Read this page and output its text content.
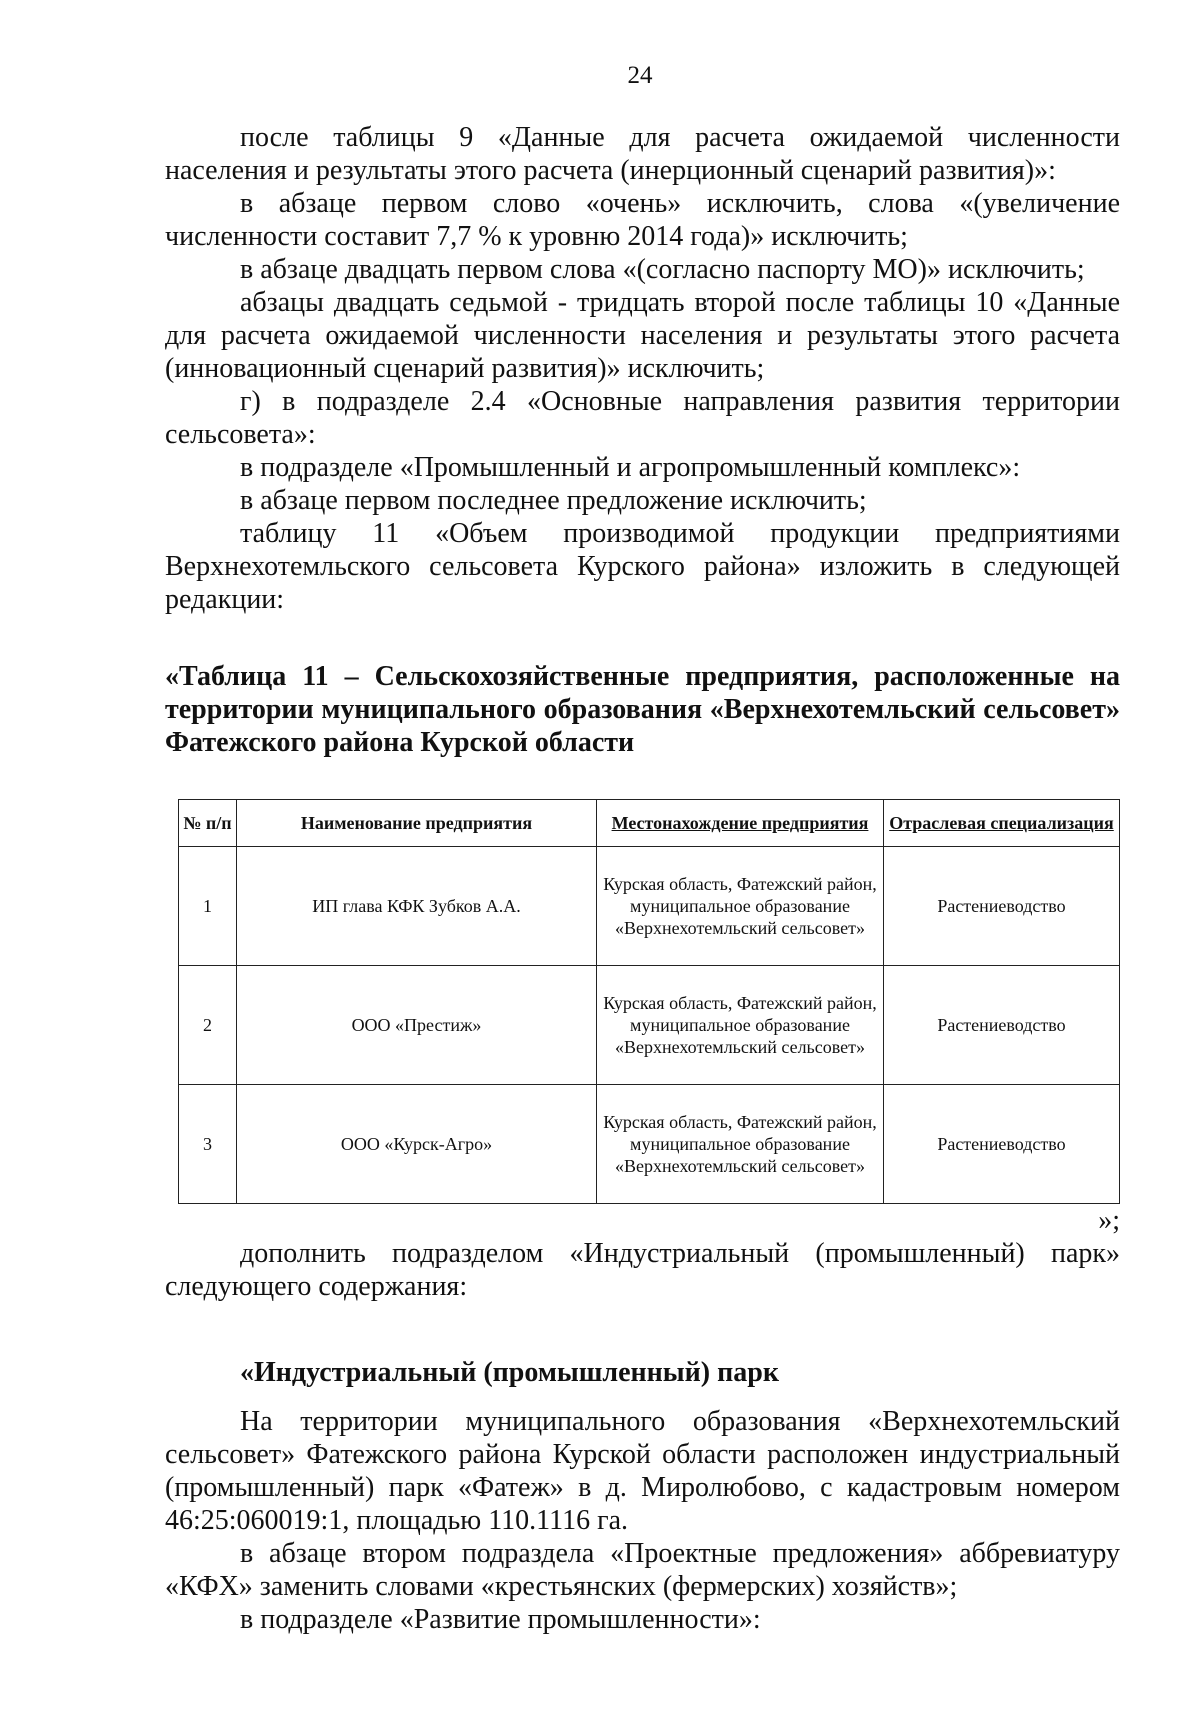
24

после таблицы 9 «Данные для расчета ожидаемой численности населения и результаты этого расчета (инерционный сценарий развития)»:

в абзаце первом слово «очень» исключить, слова «(увеличение численности составит 7,7 % к уровню 2014 года)» исключить;

в абзаце двадцать первом слова «(согласно паспорту МО)» исключить;

абзацы двадцать седьмой - тридцать второй после таблицы 10 «Данные для расчета ожидаемой численности населения и результаты этого расчета (инновационный сценарий развития)» исключить;

г) в подразделе 2.4 «Основные направления развития территории сельсовета»:

в подразделе «Промышленный и агропромышленный комплекс»:

в абзаце первом последнее предложение исключить;

таблицу 11 «Объем производимой продукции предприятиями Верхнехотемльского сельсовета Курского района» изложить в следующей редакции:

«Таблица 11 – Сельскохозяйственные предприятия, расположенные на территории муниципального образования «Верхнехотемльский сельсовет» Фатежского района Курской области

№ п/п	Наименование предприятия	Местонахождение предприятия	Отраслевая специализация
1	ИП глава КФК Зубков А.А.	Курская область, Фатежский район, муниципальное образование «Верхнехотемльский сельсовет»	Растениеводство
2	ООО «Престиж»	Курская область, Фатежский район, муниципальное образование «Верхнехотемльский сельсовет»	Растениеводство
3	ООО «Курск-Агро»	Курская область, Фатежский район, муниципальное образование «Верхнехотемльский сельсовет»	Растениеводство

»;

дополнить подразделом «Индустриальный (промышленный) парк» следующего содержания:

«Индустриальный (промышленный) парк

На территории муниципального образования «Верхнехотемльский сельсовет» Фатежского района Курской области расположен индустриальный (промышленный) парк «Фатеж» в д. Миролюбово, с кадастровым номером 46:25:060019:1, площадью 110.1116 га.

в абзаце втором подраздела «Проектные предложения» аббревиатуру «КФХ» заменить словами «крестьянских (фермерских) хозяйств»;

в подразделе «Развитие промышленности»:
